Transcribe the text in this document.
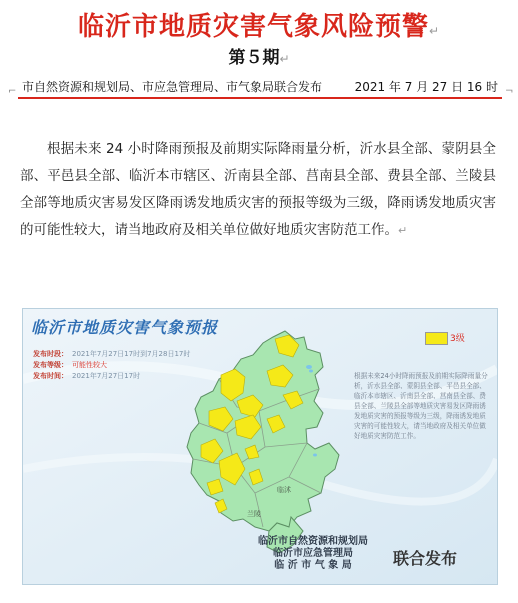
临沂市地质灾害气象风险预警↵
第５期↵
市自然资源和规划局、市应急管理局、市气象局联合发布	2021 年 7 月 27 日 16 时
⌐	¬

根据未来 24 小时降雨预报及前期实际降雨量分析，沂水县全部、蒙阴县全部、平邑县全部、临沂本市辖区、沂南县全部、莒南县全部、费县全部、兰陵县全部等地质灾害易发区降雨诱发地质灾害的预报等级为三级，降雨诱发地质灾害的可能性较大，请当地政府及相关单位做好地质灾害防范工作。↵

临沂市地质灾害气象预报
发布时段： 2021年7月27日17时到7月28日17时
发布等级： 可能性较大
发布时间： 2021年7月27日17时
3级
根据未来24小时降雨预报及前期实际降雨量分析，沂水县全部、蒙阴县全部、平邑县全部、临沂本市辖区、沂南县全部、莒南县全部、费县全部、兰陵县全部等地质灾害易发区降雨诱发地质灾害的预报等级为三级，降雨诱发地质灾害的可能性较大，请当地政府及相关单位做好地质灾害防范工作。
临沭
兰陵
临沂市自然资源和规划局
临沂市应急管理局
临 沂 市 气 象 局	联合发布
